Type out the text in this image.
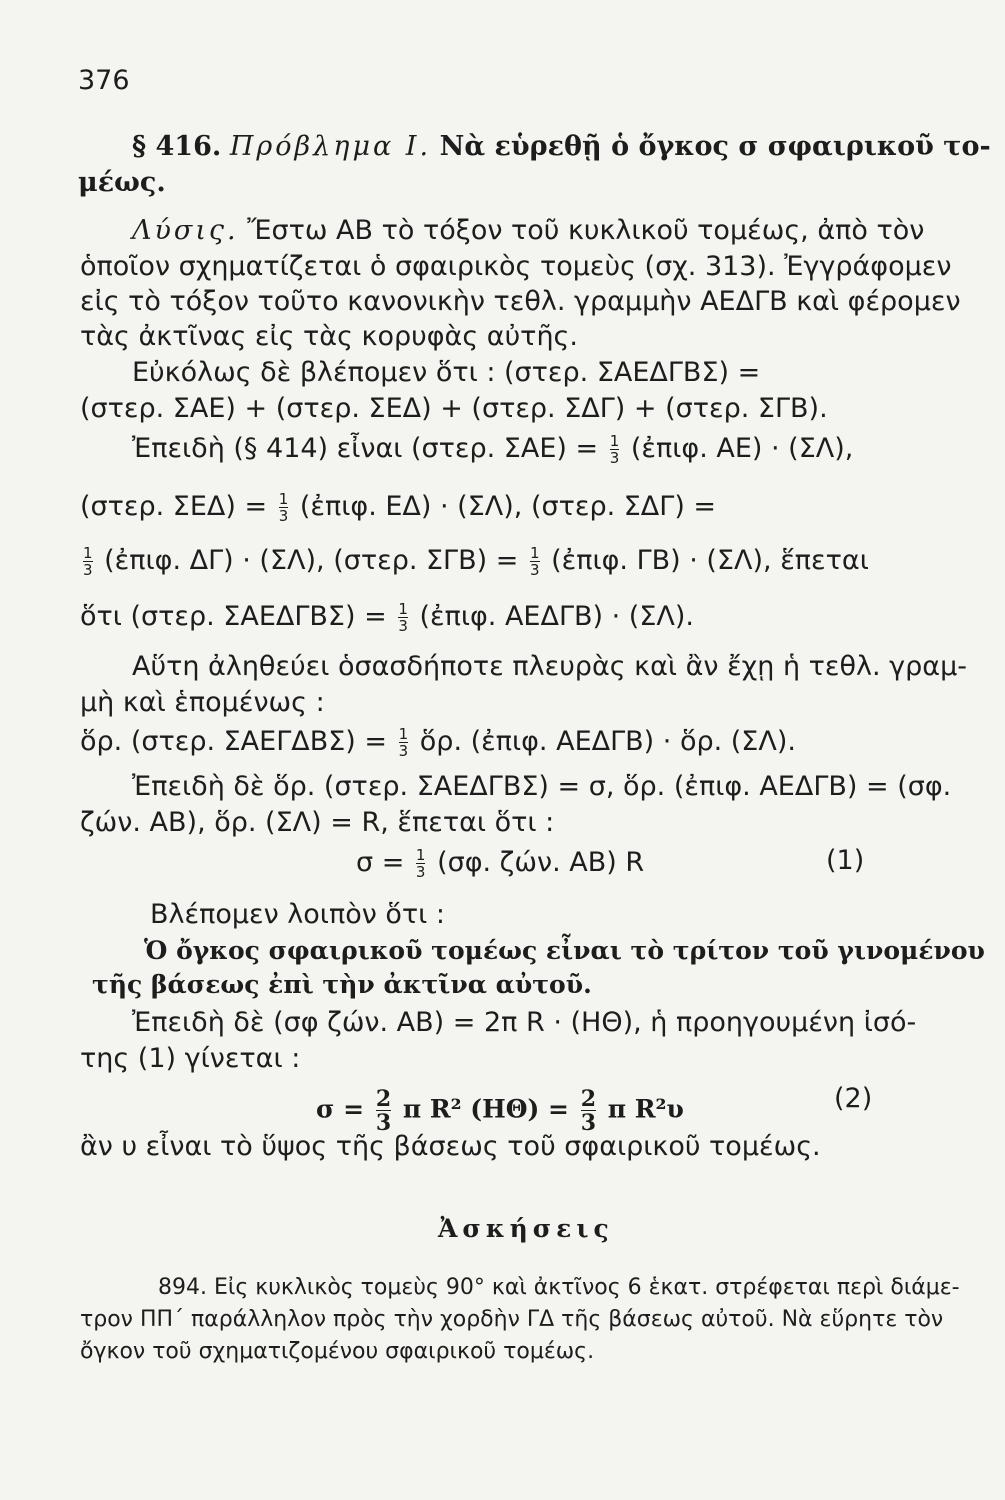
376
§ 416. Πρόβλημα Ι. Νὰ εὑρεθῇ ὁ ὄγκος σ σφαιρικοῦ το-
μέως.
Λύσις. Ἔστω ΑΒ τὸ τόξον τοῦ κυκλικοῦ τομέως, ἀπὸ τὸν
ὁποῖον σχηματίζεται ὁ σφαιρικὸς τομεὺς (σχ. 313). Ἐγγράφομεν
εἰς τὸ τόξον τοῦτο κανονικὴν τεθλ. γραμμὴν ΑΕΔΓΒ καὶ φέρομεν
τὰς ἀκτῖνας εἰς τὰς κορυφὰς αὐτῆς.
Εὐκόλως δὲ βλέπομεν ὅτι : (στερ. ΣΑΕΔΓΒΣ) =
(στερ. ΣΑΕ) + (στερ. ΣΕΔ) + (στερ. ΣΔΓ) + (στερ. ΣΓΒ).
Ἐπειδὴ (§ 414) εἶναι (στερ. $\Sigma AE) = \frac{1}{3}$ (ἐπιφ. ΑΕ) · (ΣΛ),
(στερ. $\Sigma E\Delta) = \frac{1}{3}$ (ἐπιφ. ΕΔ) · (ΣΛ), (στερ. ΣΔΓ) =
$\frac{1}{3}$ (ἐπιφ. ΔΓ) · (ΣΛ), (στερ. $\Sigma\Gamma B) = \frac{1}{3}$ (ἐπιφ. ΓΒ) · (ΣΛ), ἕπεται
ὅτι (στερ. $\Sigma AE\Delta\Gamma B\Sigma) = \frac{1}{3}$ (ἐπιφ. ΑΕΔΓΒ) · (ΣΛ).
Αὕτη ἀληθεύει ὁσασδήποτε πλευρὰς καὶ ἂν ἔχῃ ἡ τεθλ. γραμ-
μὴ καὶ ἑπομένως :
ὅρ. (στερ. $\Sigma AE\Gamma\Delta B\Sigma) = \frac{1}{3}$ ὅρ. (ἐπιφ. ΑΕΔΓΒ) · ὅρ. (ΣΛ).
Ἐπειδὴ δὲ ὅρ. (στερ. ΣΑΕΔΓΒΣ) = σ, ὅρ. (ἐπιφ. ΑΕΔΓΒ) = (σφ.
ζών. ΑΒ), ὅρ. (ΣΛ) = R, ἕπεται ὅτι :
$\sigma = \frac{1}{3} (\sigma\varphi$. ζών. ΑΒ) R	(1)
Βλέπομεν λοιπὸν ὅτι :
Ὁ ὄγκος σφαιρικοῦ τομέως εἶναι τὸ τρίτον τοῦ γινομένου
τῆς βάσεως ἐπὶ τὴν ἀκτῖνα αὐτοῦ.
Ἐπειδὴ δὲ (σφ ζών. ΑΒ) = 2π R · (ΗΘ), ἡ προηγουμένη ἰσό-
της (1) γίνεται :
$\sigma = \frac{2}{3}$ π R² $(H\Theta) = \frac{2}{3}$ π R²υ	(2)
ἂν υ εἶναι τὸ ὕψος τῆς βάσεως τοῦ σφαιρικοῦ τομέως.
Ἀσκήσεις
894. Εἰς κυκλικὸς τομεὺς 90° καὶ ἀκτῖνος 6 ἑκατ. στρέφεται περὶ διάμε-
τρον ΠΠ΄ παράλληλον πρὸς τὴν χορδὴν ΓΔ τῆς βάσεως αὐτοῦ. Νὰ εὕρητε τὸν
ὄγκον τοῦ σχηματιζομένου σφαιρικοῦ τομέως.
